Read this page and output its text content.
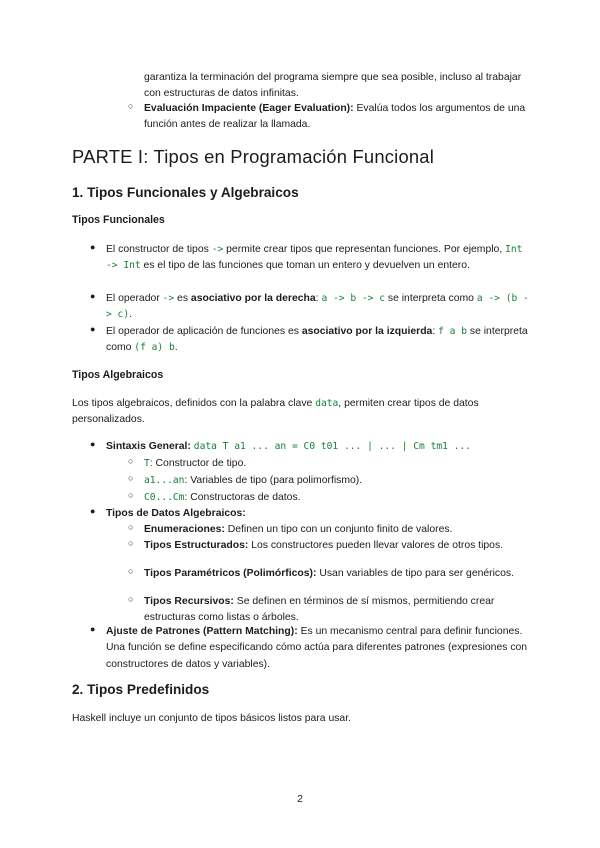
garantiza la terminación del programa siempre que sea posible, incluso al trabajar con estructuras de datos infinitas.

○ Evaluación Impaciente (Eager Evaluation): Evalúa todos los argumentos de una función antes de realizar la llamada.

PARTE I: Tipos en Programación Funcional
1. Tipos Funcionales y Algebraicos
Tipos Funcionales
● El constructor de tipos -> permite crear tipos que representan funciones. Por ejemplo, Int -> Int es el tipo de las funciones que toman un entero y devuelven un entero.

● El operador -> es asociativo por la derecha: a -> b -> c se interpreta como a -> (b -> c).

● El operador de aplicación de funciones es asociativo por la izquierda: f a b se interpreta como (f a) b.

Tipos Algebraicos

Los tipos algebraicos, definidos con la palabra clave data, permiten crear tipos de datos personalizados.

● Sintaxis General: data T a1 ... an = C0 t01 ... | ... | Cm tm1 ...

○ T: Constructor de tipo.

○ a1...an: Variables de tipo (para polimorfismo).

○ C0...Cm: Constructoras de datos.

● Tipos de Datos Algebraicos:

○ Enumeraciones: Definen un tipo con un conjunto finito de valores.

○ Tipos Estructurados: Los constructores pueden llevar valores de otros tipos.

○ Tipos Paramétricos (Polimórficos): Usan variables de tipo para ser genéricos.

○ Tipos Recursivos: Se definen en términos de sí mismos, permitiendo crear estructuras como listas o árboles.

● Ajuste de Patrones (Pattern Matching): Es un mecanismo central para definir funciones. Una función se define especificando cómo actúa para diferentes patrones (expresiones con constructores de datos y variables).

2. Tipos Predefinidos

Haskell incluye un conjunto de tipos básicos listos para usar.

2
